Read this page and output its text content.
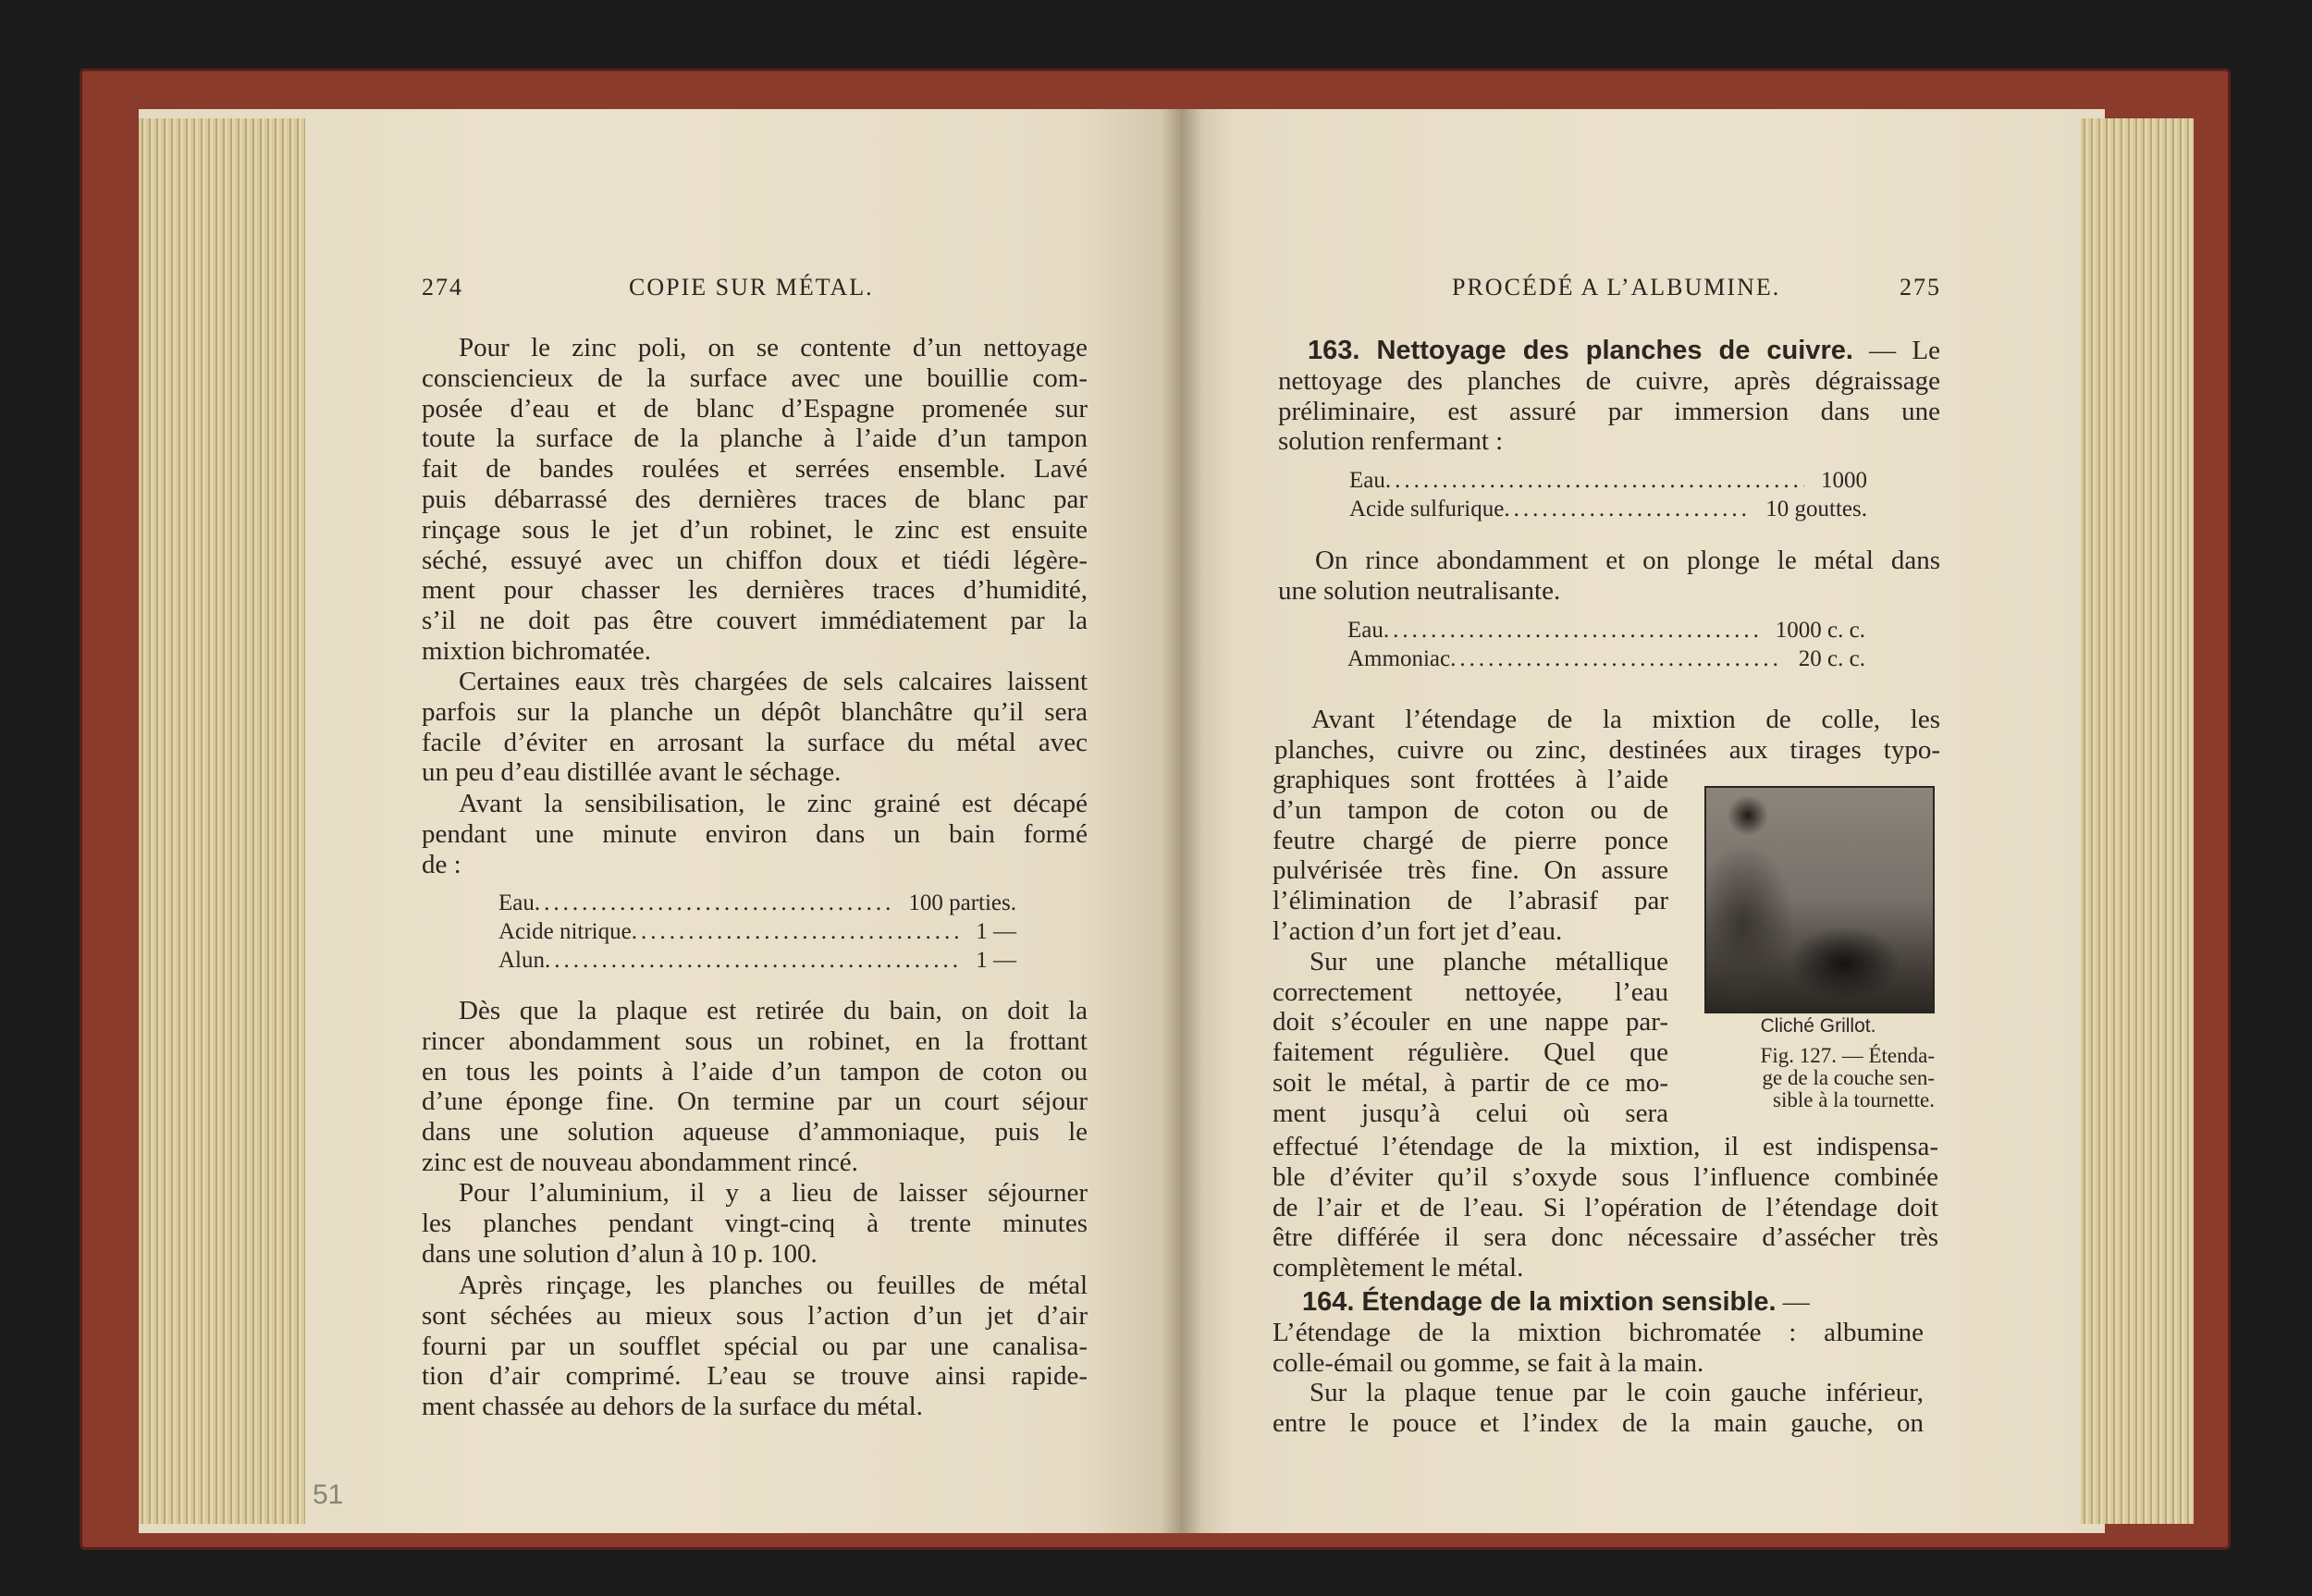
274	COPIE SUR MÉTAL.
Pour le zinc poli, on se contente d’un nettoyage
consciencieux de la surface avec une bouillie com-
posée d’eau et de blanc d’Espagne promenée sur
toute la surface de la planche à l’aide d’un tampon
fait de bandes roulées et serrées ensemble. Lavé
puis débarrassé des dernières traces de blanc par
rinçage sous le jet d’un robinet, le zinc est ensuite
séché, essuyé avec un chiffon doux et tiédi légère-
ment pour chasser les dernières traces d’humidité,
s’il ne doit pas être couvert immédiatement par la
mixtion bichromatée.
Certaines eaux très chargées de sels calcaires laissent
parfois sur la planche un dépôt blanchâtre qu’il sera
facile d’éviter en arrosant la surface du métal avec
un peu d’eau distillée avant le séchage.
Avant la sensibilisation, le zinc grainé est décapé
pendant une minute environ dans un bain formé
de :
Eau .....	100 parties.
Acide nitrique .....	1 —
Alun .....	1 —
Dès que la plaque est retirée du bain, on doit la
rincer abondamment sous un robinet, en la frottant
en tous les points à l’aide d’un tampon de coton ou
d’une éponge fine. On termine par un court séjour
dans une solution aqueuse d’ammoniaque, puis le
zinc est de nouveau abondamment rincé.
Pour l’aluminium, il y a lieu de laisser séjourner
les planches pendant vingt-cinq à trente minutes
dans une solution d’alun à 10 p. 100.
Après rinçage, les planches ou feuilles de métal
sont séchées au mieux sous l’action d’un jet d’air
fourni par un soufflet spécial ou par une canalisa-
tion d’air comprimé. L’eau se trouve ainsi rapide-
ment chassée au dehors de la surface du métal.
51
PROCÉDÉ A L’ALBUMINE.	275
163. Nettoyage des planches de cuivre. — Le
nettoyage des planches de cuivre, après dégraissage
préliminaire, est assuré par immersion dans une
solution renfermant :
Eau .....	1000
Acide sulfurique .....	10 gouttes.
On rince abondamment et on plonge le métal dans
une solution neutralisante.
Eau .....	1000 c. c.
Ammoniac .....	20 c. c.
Avant l’étendage de la mixtion de colle, les
planches, cuivre ou zinc, destinées aux tirages typo-
graphiques sont frottées à l’aide
d’un tampon de coton ou de
feutre chargé de pierre ponce
pulvérisée très fine. On assure
l’élimination de l’abrasif par
l’action d’un fort jet d’eau.
Sur une planche métallique
correctement nettoyée, l’eau
doit s’écouler en une nappe par-
faitement régulière. Quel que
soit le métal, à partir de ce mo-
ment jusqu’à celui où sera
effectué l’étendage de la mixtion, il est indispensa-
ble d’éviter qu’il s’oxyde sous l’influence combinée
de l’air et de l’eau. Si l’opération de l’étendage doit
être différée il sera donc nécessaire d’assécher très
complètement le métal.
164. Étendage de la mixtion sensible. —
L’étendage de la mixtion bichromatée : albumine
colle-émail ou gomme, se fait à la main.
Sur la plaque tenue par le coin gauche inférieur,
entre le pouce et l’index de la main gauche, on
Cliché Grillot.
Fig. 127. — Étenda-
ge de la couche sen-
sible à la tournette.
